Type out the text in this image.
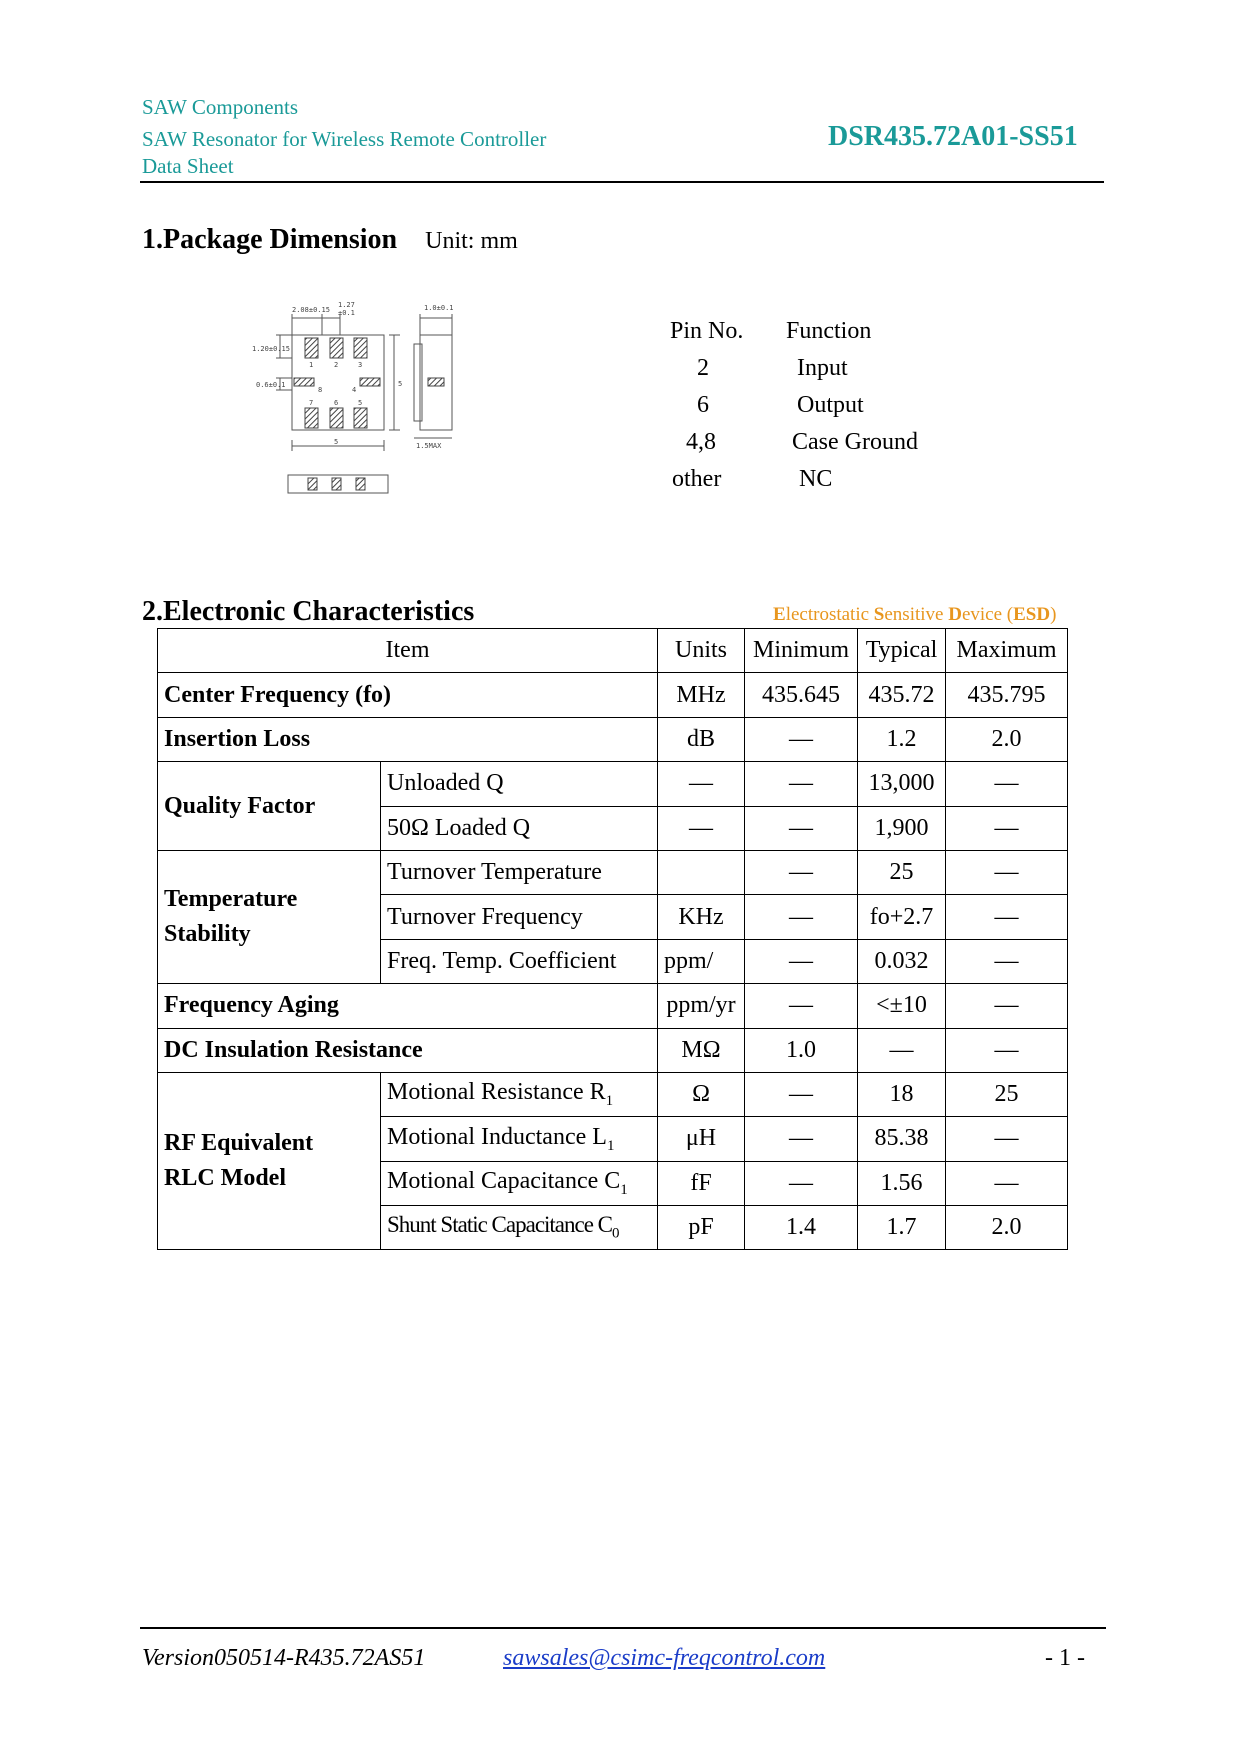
SAW Components
SAW Resonator for Wireless Remote Controller
Data Sheet
DSR435.72A01-SS51
1.Package Dimension Unit: mm
2.08±0.15
1.27
±0.1
1.0±0.1
1.20±0.15
0.6±0.1	5
5	1.5MAX
1	2	3
4
5
6
7
8
Pin No. Function
2	Input
6	Output
4,8	Case Ground
other	NC
2.Electronic Characteristics	Electrostatic Sensitive Device (ESD)
Item		Units	Minimum	Typical	Maximum
Center Frequency (fo)		MHz	435.645	435.72	435.795
Insertion Loss		dB	—	1.2	2.0
Quality Factor	Unloaded Q	—	—	13,000	—
	50Ω Loaded Q	—	—	1,900	—

Temperature
Stability	Turnover Temperature		—	25	—
	Turnover Frequency	KHz	—	fo+2.7	—
	Freq. Temp. Coefficient	ppm/	—	0.032	—
Frequency Aging		ppm/yr	—	<±10	—
DC Insulation Resistance		MΩ	1.0	—	—

RF Equivalent
RLC Model	Motional Resistance $R_1$	Ω	—	18	25
	Motional Inductance $L_1$	μH	—	85.38	—
	Motional Capacitance $C_1$	fF	—	1.56	—
	Shunt Static Capacitance $C_0$	pF	1.4	1.7	2.0
Version050514-R435.72AS51	sawsales@csimc-freqcontrol.com	- 1 -
